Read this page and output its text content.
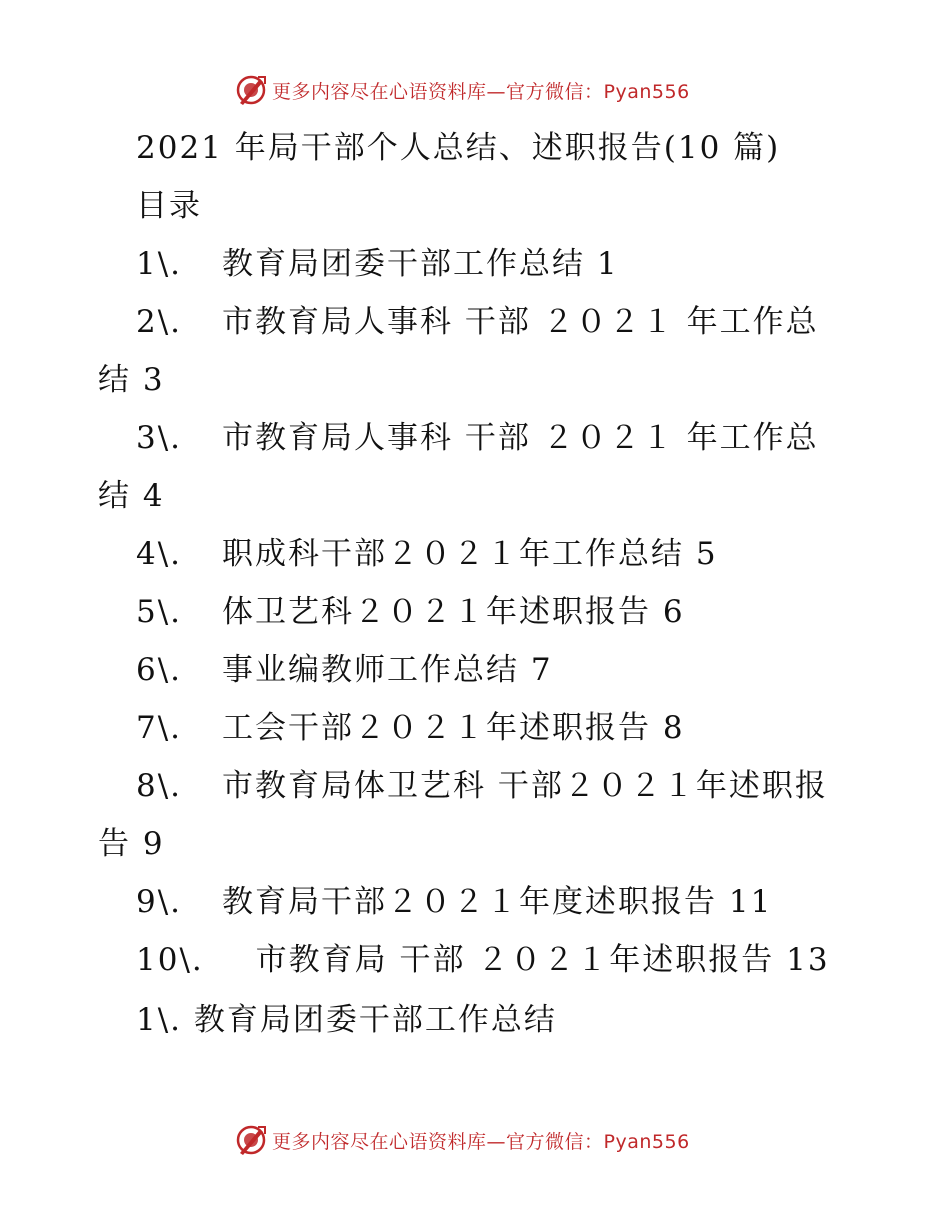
更多内容尽在心语资料库—官方微信：Pyan556
2021 年局干部个人总结、述职报告(10 篇)
目录
1\. 教育局团委干部工作总结 1
2\. 市教育局人事科 干部 ２０２１ 年工作总
结 3
3\. 市教育局人事科 干部 ２０２１ 年工作总
结 4
4\. 职成科干部２０２１年工作总结 5
5\. 体卫艺科２０２１年述职报告 6
6\. 事业编教师工作总结 7
7\. 工会干部２０２１年述职报告 8
8\. 市教育局体卫艺科 干部２０２１年述职报
告 9
9\. 教育局干部２０２１年度述职报告 11
10\. 市教育局 干部 ２０２１年述职报告 13
1\. 教育局团委干部工作总结
更多内容尽在心语资料库—官方微信：Pyan556
